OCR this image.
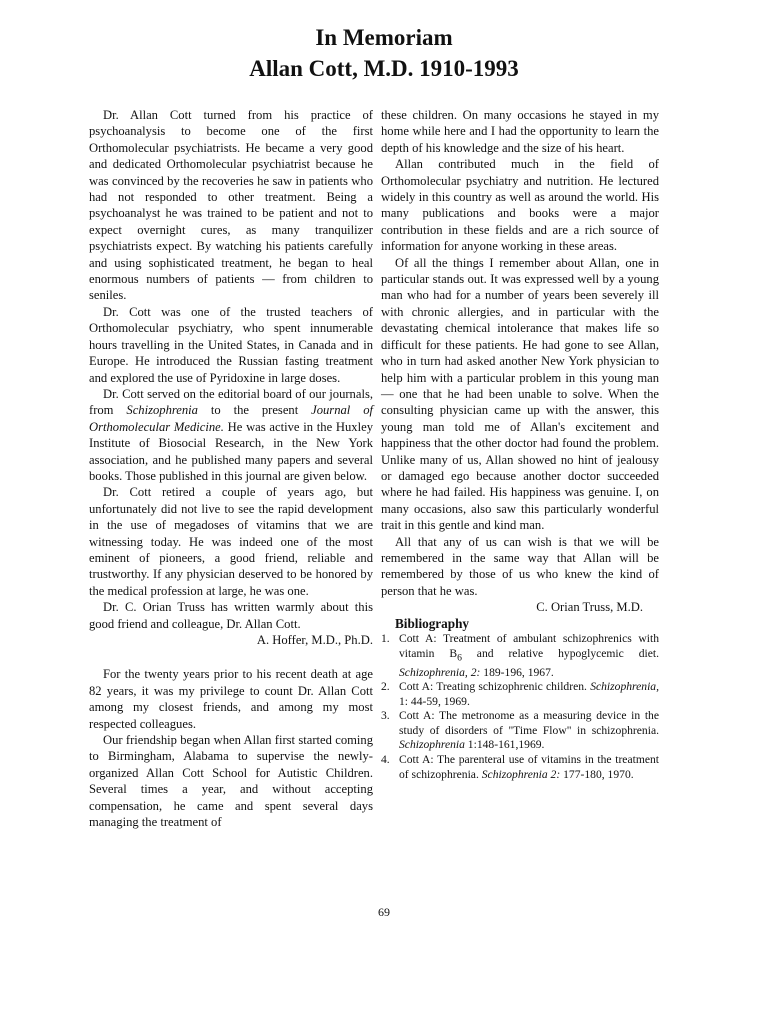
In Memoriam
Allan Cott, M.D. 1910-1993

Dr. Allan Cott turned from his practice of psychoanalysis to become one of the first Orthomolecular psychiatrists. He became a very good and dedicated Orthomolecular psychiatrist because he was convinced by the recoveries he saw in patients who had not responded to other treatment. Being a psychoanalyst he was trained to be patient and not to expect overnight cures, as many tranquilizer psychiatrists expect. By watching his patients carefully and using sophisticated treatment, he began to heal enormous numbers of patients — from children to seniles.

Dr. Cott was one of the trusted teachers of Orthomolecular psychiatry, who spent innumerable hours travelling in the United States, in Canada and in Europe. He introduced the Russian fasting treatment and explored the use of Pyridoxine in large doses.

Dr. Cott served on the editorial board of our journals, from Schizophrenia to the present Journal of Orthomolecular Medicine. He was active in the Huxley Institute of Biosocial Research, in the New York association, and he published many papers and several books. Those published in this journal are given below.

Dr. Cott retired a couple of years ago, but unfortunately did not live to see the rapid development in the use of megadoses of vitamins that we are witnessing today. He was indeed one of the most eminent of pioneers, a good friend, reliable and trustworthy. If any physician deserved to be honored by the medical profession at large, he was one.

Dr. C. Orian Truss has written warmly about this good friend and colleague, Dr. Allan Cott.

A. Hoffer, M.D., Ph.D.

For the twenty years prior to his recent death at age 82 years, it was my privilege to count Dr. Allan Cott among my closest friends, and among my most respected colleagues.

Our friendship began when Allan first started coming to Birmingham, Alabama to supervise the newly-organized Allan Cott School for Autistic Children. Several times a year, and without accepting compensation, he came and spent several days managing the treatment of

these children. On many occasions he stayed in my home while here and I had the opportunity to learn the depth of his knowledge and the size of his heart.

Allan contributed much in the field of Orthomolecular psychiatry and nutrition. He lectured widely in this country as well as around the world. His many publications and books were a major contribution in these fields and are a rich source of information for anyone working in these areas.

Of all the things I remember about Allan, one in particular stands out. It was expressed well by a young man who had for a number of years been severely ill with chronic allergies, and in particular with the devastating chemical intolerance that makes life so difficult for these patients. He had gone to see Allan, who in turn had asked another New York physician to help him with a particular problem in this young man — one that he had been unable to solve. When the consulting physician came up with the answer, this young man told me of Allan's excitement and happiness that the other doctor had found the problem. Unlike many of us, Allan showed no hint of jealousy or damaged ego because another doctor succeeded where he had failed. His happiness was genuine. I, on many occasions, also saw this particularly wonderful trait in this gentle and kind man.

All that any of us can wish is that we will be remembered in the same way that Allan will be remembered by those of us who knew the kind of person that he was.

C. Orian Truss, M.D.

Bibliography

1. Cott A: Treatment of ambulant schizophrenics with vitamin $B_6$ and relative hypoglycemic diet. Schizophrenia, 2: 189-196, 1967.
2. Cott A: Treating schizophrenic children. Schizophrenia, 1: 44-59, 1969.
3. Cott A: The metronome as a measuring device in the study of disorders of "Time Flow" in schizophrenia. Schizophrenia 1:148-161,1969.
4. Cott A: The parenteral use of vitamins in the treatment of schizophrenia. Schizophrenia 2: 177-180, 1970.
69
